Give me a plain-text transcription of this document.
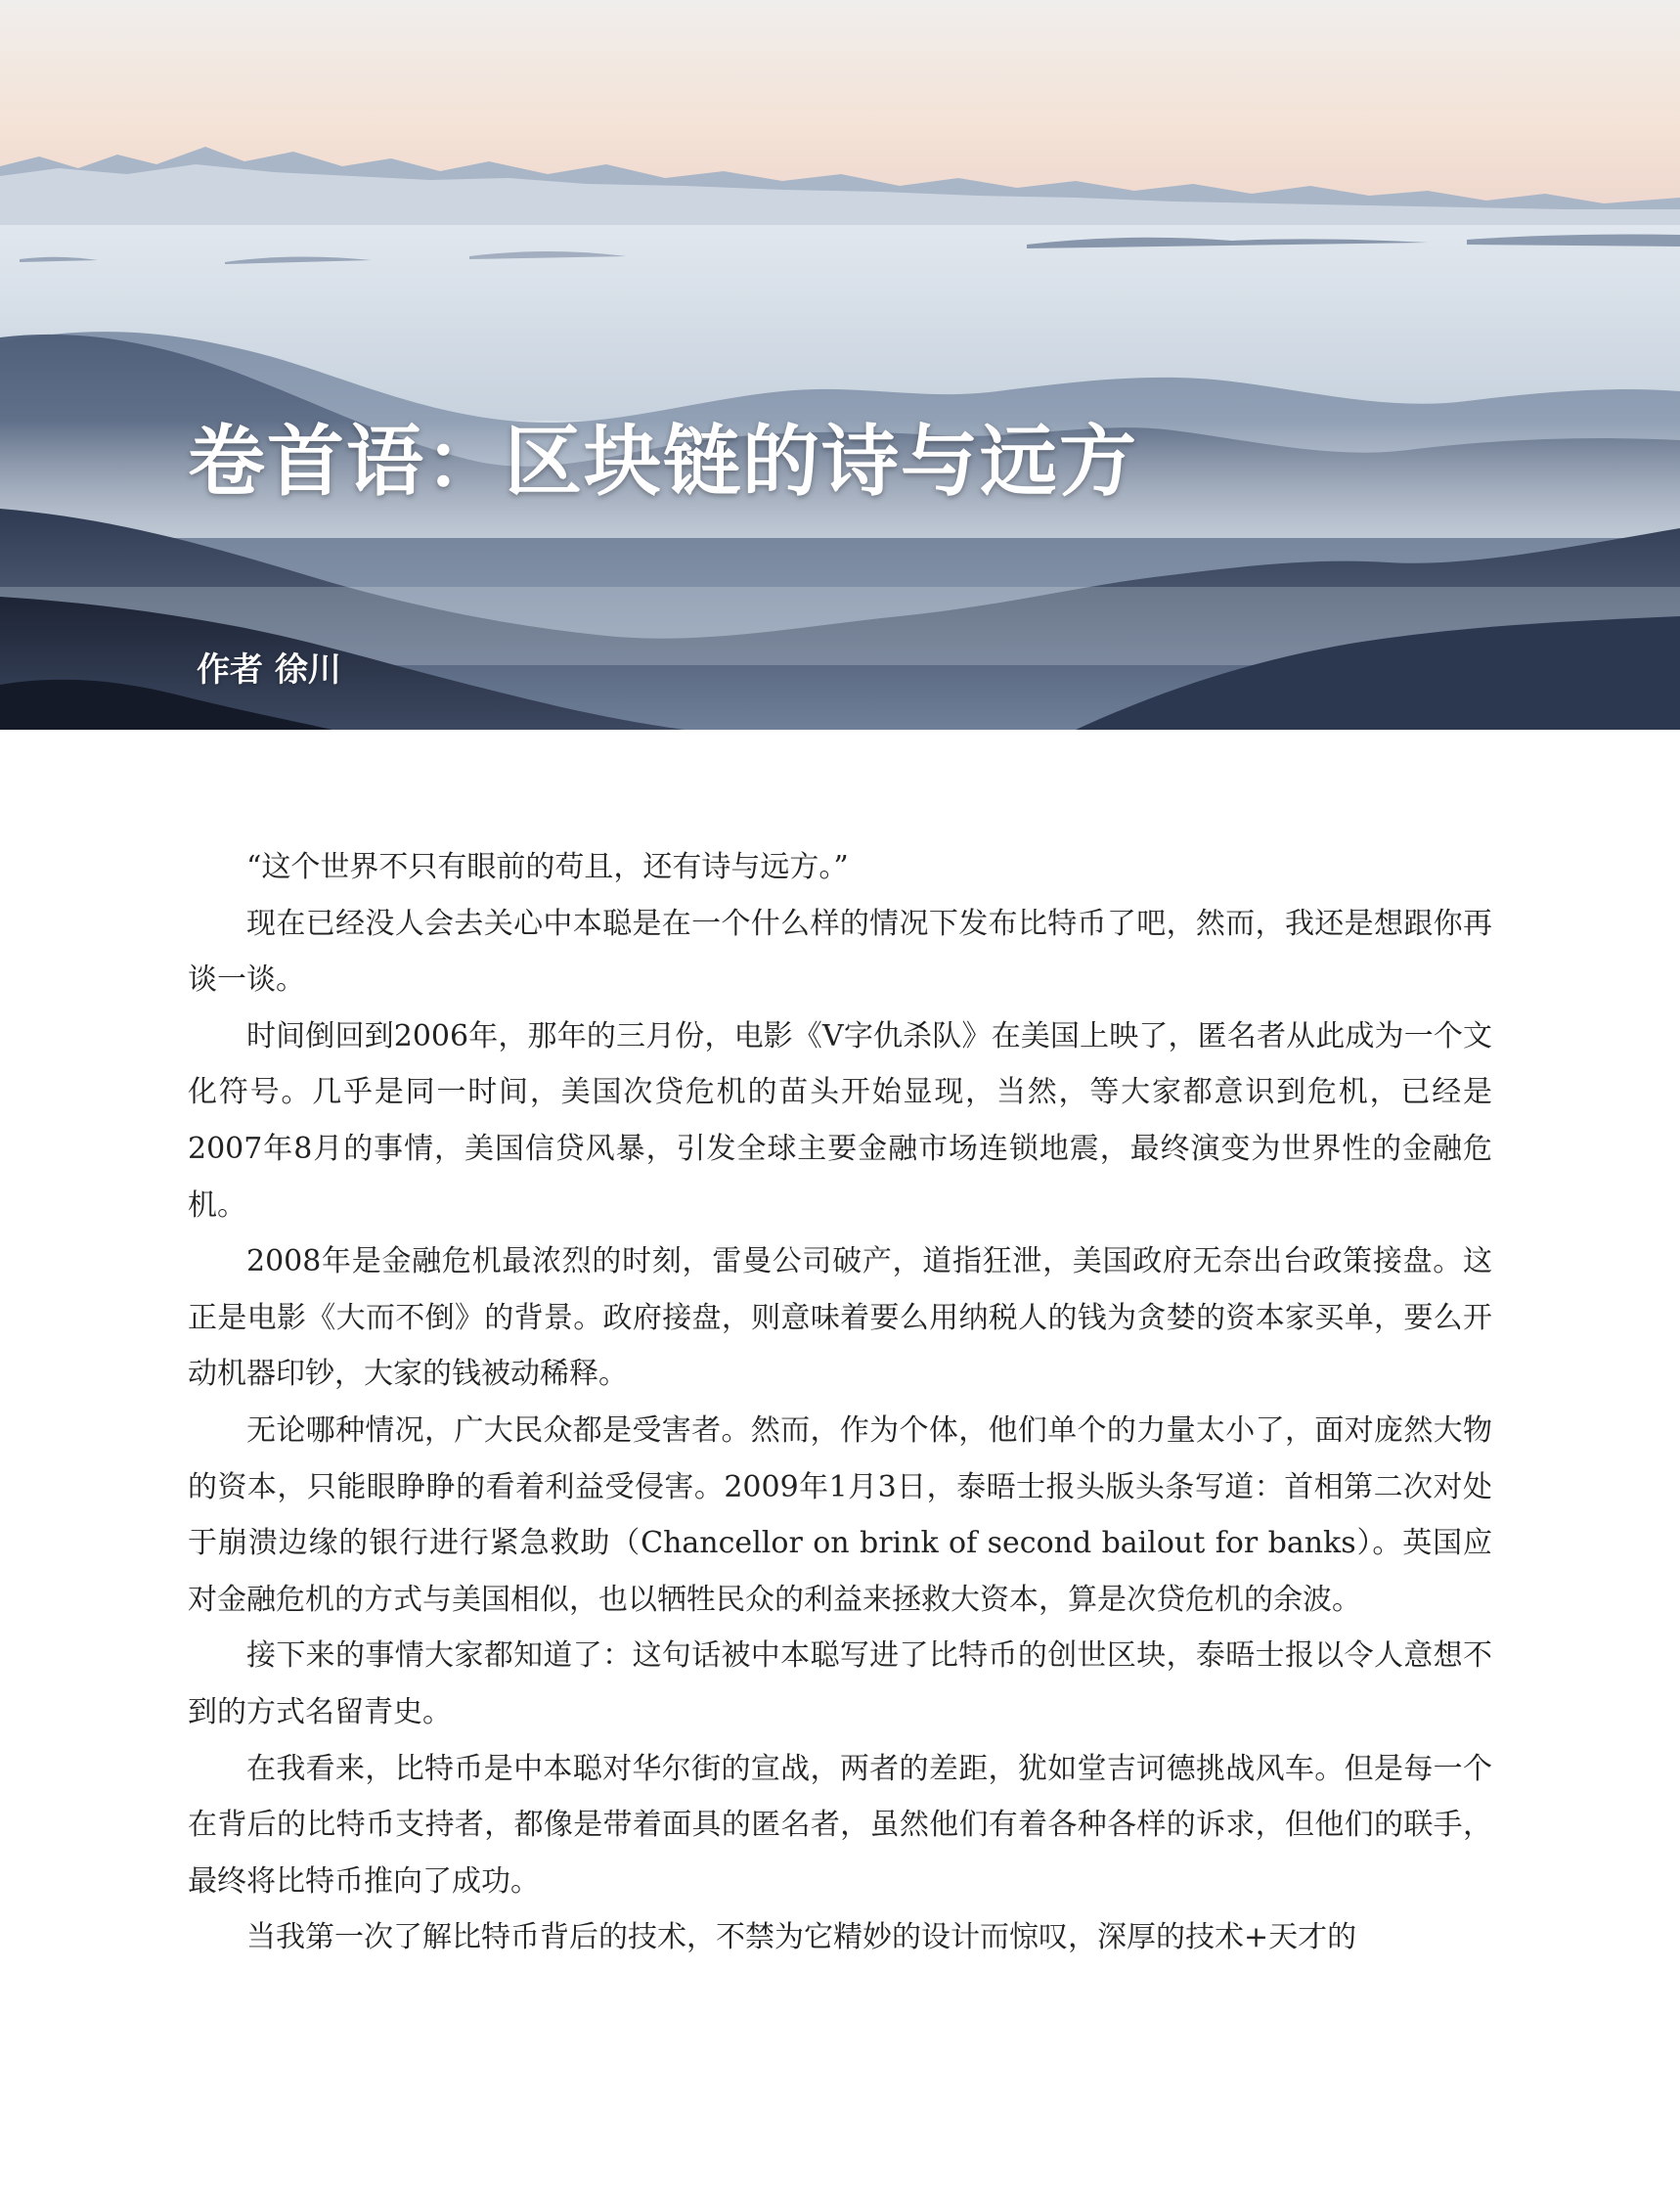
卷首语：区块链的诗与远方
作者 徐川

“这个世界不只有眼前的苟且，还有诗与远方。”

现在已经没人会去关心中本聪是在一个什么样的情况下发布比特币了吧，然而，我还是想跟你再谈一谈。

时间倒回到2006年，那年的三月份，电影《V字仇杀队》在美国上映了，匿名者从此成为一个文化符号。几乎是同一时间，美国次贷危机的苗头开始显现，当然，等大家都意识到危机，已经是2007年8月的事情，美国信贷风暴，引发全球主要金融市场连锁地震，最终演变为世界性的金融危机。

2008年是金融危机最浓烈的时刻，雷曼公司破产，道指狂泄，美国政府无奈出台政策接盘。这正是电影《大而不倒》的背景。政府接盘，则意味着要么用纳税人的钱为贪婪的资本家买单，要么开动机器印钞，大家的钱被动稀释。

无论哪种情况，广大民众都是受害者。然而，作为个体，他们单个的力量太小了，面对庞然大物的资本，只能眼睁睁的看着利益受侵害。2009年1月3日，泰晤士报头版头条写道：首相第二次对处于崩溃边缘的银行进行紧急救助（Chancellor on brink of second bailout for banks）。英国应对金融危机的方式与美国相似，也以牺牲民众的利益来拯救大资本，算是次贷危机的余波。

接下来的事情大家都知道了：这句话被中本聪写进了比特币的创世区块，泰晤士报以令人意想不到的方式名留青史。

在我看来，比特币是中本聪对华尔街的宣战，两者的差距，犹如堂吉诃德挑战风车。但是每一个在背后的比特币支持者，都像是带着面具的匿名者，虽然他们有着各种各样的诉求，但他们的联手，最终将比特币推向了成功。

当我第一次了解比特币背后的技术，不禁为它精妙的设计而惊叹，深厚的技术+天才的
